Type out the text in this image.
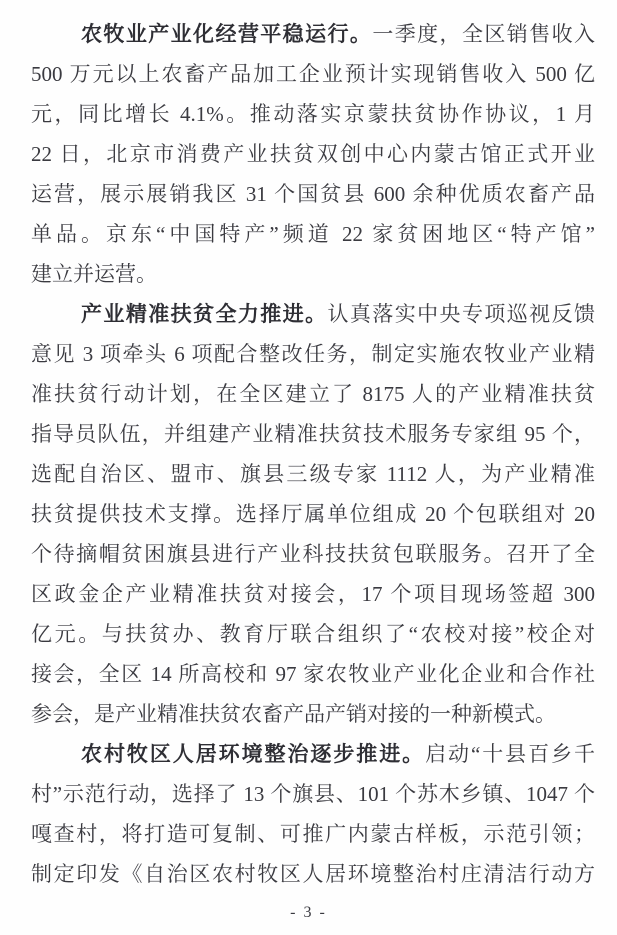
农牧业产业化经营平稳运行。一季度，全区销售收入
500 万元以上农畜产品加工企业预计实现销售收入 500 亿
元，同比增长 4.1%。推动落实京蒙扶贫协作协议，1 月
22 日，北京市消费产业扶贫双创中心内蒙古馆正式开业
运营，展示展销我区 31 个国贫县 600 余种优质农畜产品
单品。京东“中国特产”频道 22 家贫困地区“特产馆”
建立并运营。
产业精准扶贫全力推进。认真落实中央专项巡视反馈
意见 3 项牵头 6 项配合整改任务，制定实施农牧业产业精
准扶贫行动计划，在全区建立了 8175 人的产业精准扶贫
指导员队伍，并组建产业精准扶贫技术服务专家组 95 个，
选配自治区、盟市、旗县三级专家 1112 人，为产业精准
扶贫提供技术支撑。选择厅属单位组成 20 个包联组对 20
个待摘帽贫困旗县进行产业科技扶贫包联服务。召开了全
区政金企产业精准扶贫对接会，17 个项目现场签超 300
亿元。与扶贫办、教育厅联合组织了“农校对接”校企对
接会，全区 14 所高校和 97 家农牧业产业化企业和合作社
参会，是产业精准扶贫农畜产品产销对接的一种新模式。
农村牧区人居环境整治逐步推进。启动“十县百乡千
村”示范行动，选择了 13 个旗县、101 个苏木乡镇、1047 个
嘎查村，将打造可复制、可推广内蒙古样板，示范引领；
制定印发《自治区农村牧区人居环境整治村庄清洁行动方
- 3 -
